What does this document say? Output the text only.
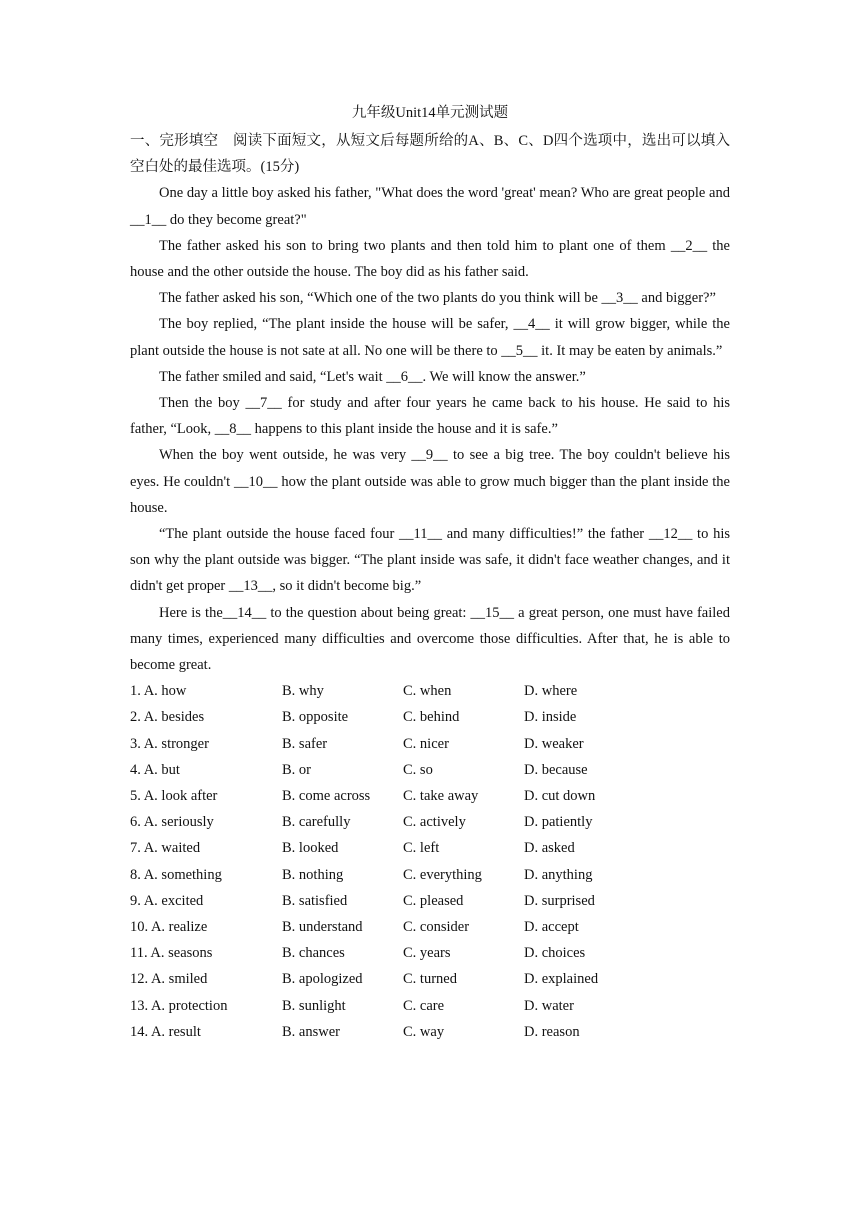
九年级Unit14单元测试题

一、完形填空　阅读下面短文，从短文后每题所给的A、B、C、D四个选项中，选出可以填入空白处的最佳选项。(15分)

One day a little boy asked his father, "What does the word 'great' mean? Who are great people and __1__ do they become great?"

The father asked his son to bring two plants and then told him to plant one of them __2__ the house and the other outside the house. The boy did as his father said.

The father asked his son, “Which one of the two plants do you think will be __3__ and bigger?”

The boy replied, “The plant inside the house will be safer, __4__ it will grow bigger, while the plant outside the house is not sate at all. No one will be there to __5__ it. It may be eaten by animals.”

The father smiled and said, “Let's wait __6__. We will know the answer.”

Then the boy __7__ for study and after four years he came back to his house. He said to his father, “Look, __8__ happens to this plant inside the house and it is safe.”

When the boy went outside, he was very __9__ to see a big tree. The boy couldn't believe his eyes. He couldn't __10__ how the plant outside was able to grow much bigger than the plant inside the house.

“The plant outside the house faced four __11__ and many difficulties!” the father __12__ to his son why the plant outside was bigger. “The plant inside was safe, it didn't face weather changes, and it didn't get proper __13__, so it didn't become big.”

Here is the__14__ to the question about being great: __15__ a great person, one must have failed many times, experienced many difficulties and overcome those difficulties. After that, he is able to become great.

1. A. how	B. why	C. when	D. where
2. A. besides	B. opposite	C. behind	D. inside
3. A. stronger	B. safer	C. nicer	D. weaker
4. A. but	B. or	C. so	D. because
5. A. look after	B. come across	C. take away	D. cut down
6. A. seriously	B. carefully	C. actively	D. patiently
7. A. waited	B. looked	C. left	D. asked
8. A. something	B. nothing	C. everything	D. anything
9. A. excited	B. satisfied	C. pleased	D. surprised
10. A. realize	B. understand	C. consider	D. accept
11. A. seasons	B. chances	C. years	D. choices
12. A. smiled	B. apologized	C. turned	D. explained
13. A. protection	B. sunlight	C. care	D. water
14. A. result	B. answer	C. way	D. reason
